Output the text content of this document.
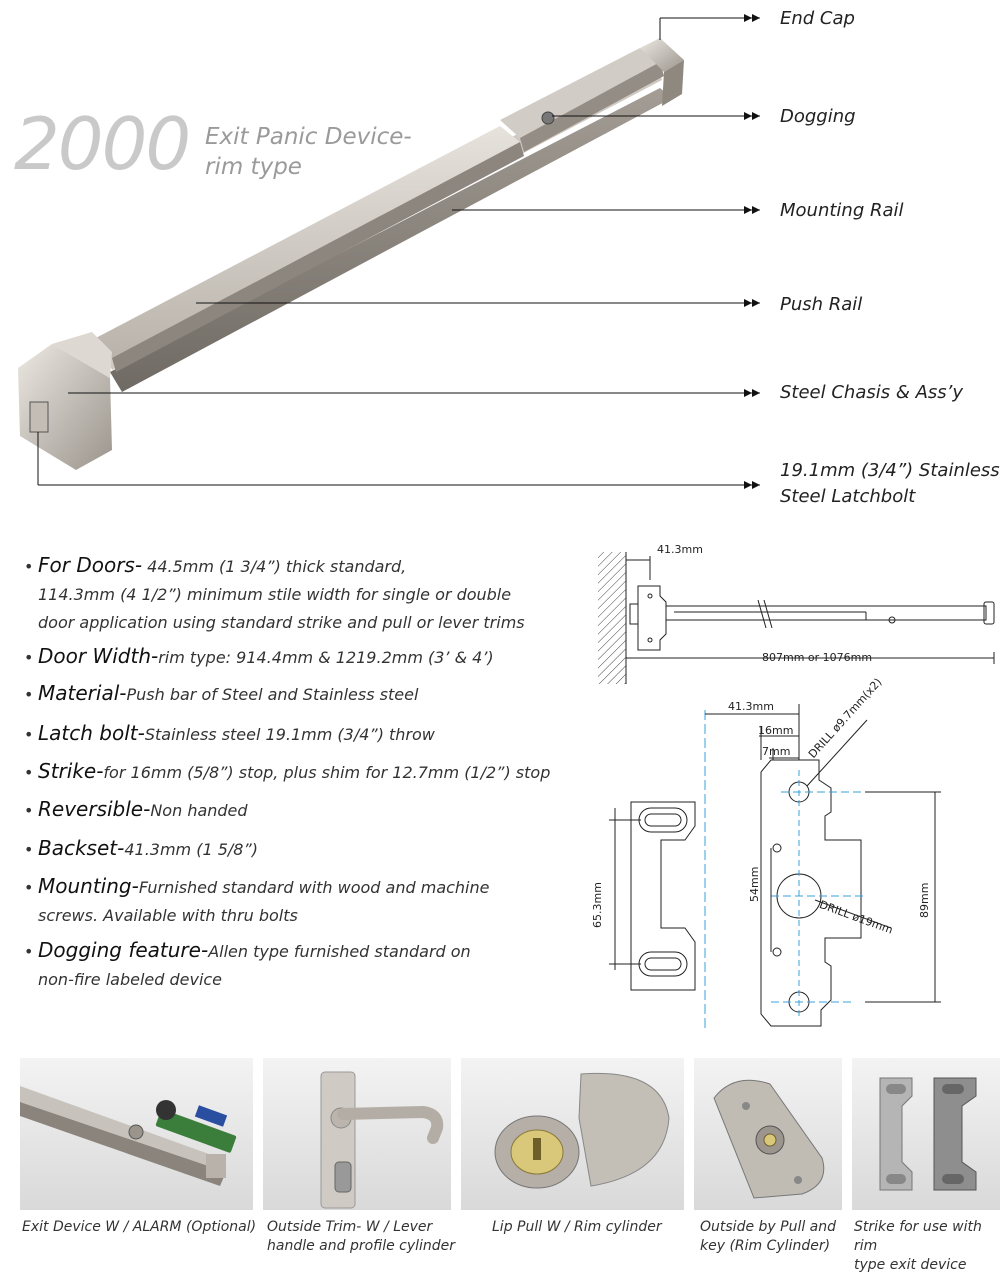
2000 Exit Panic Device-
rim type
End Cap
Dogging
Mounting Rail
Push Rail
Steel Chasis & Ass’y
19.1mm (3/4”) Stainless
Steel Latchbolt
• For Doors- 44.5mm (1 3/4”) thick standard,
114.3mm (4 1/2”) minimum stile width for single or double
door application using standard strike and pull or lever trims
• Door Width-rim type: 914.4mm & 1219.2mm (3’ & 4’)
• Material-Push bar of Steel and Stainless steel
• Latch bolt-Stainless steel 19.1mm (3/4”) throw
• Strike-for 16mm (5/8”) stop, plus shim for 12.7mm (1/2”) stop
• Reversible-Non handed
• Backset-41.3mm (1 5/8”)
• Mounting-Furnished standard with wood and machine
screws. Available with thru bolts
• Dogging feature-Allen type furnished standard on
non-fire labeled device
41.3mm
807mm or 1076mm
41.3mm
16mm
7mm DRILL ø9.7mm(x2)
DRILL ø19mm
54mm	89mm
65.3mm
Exit Device W / ALARM (Optional) Outside Trim- W / Lever
handle and profile cylinder
Lip Pull W / Rim cylinder	Outside by Pull and
key (Rim Cylinder)
Strike for use with rim
type exit device
